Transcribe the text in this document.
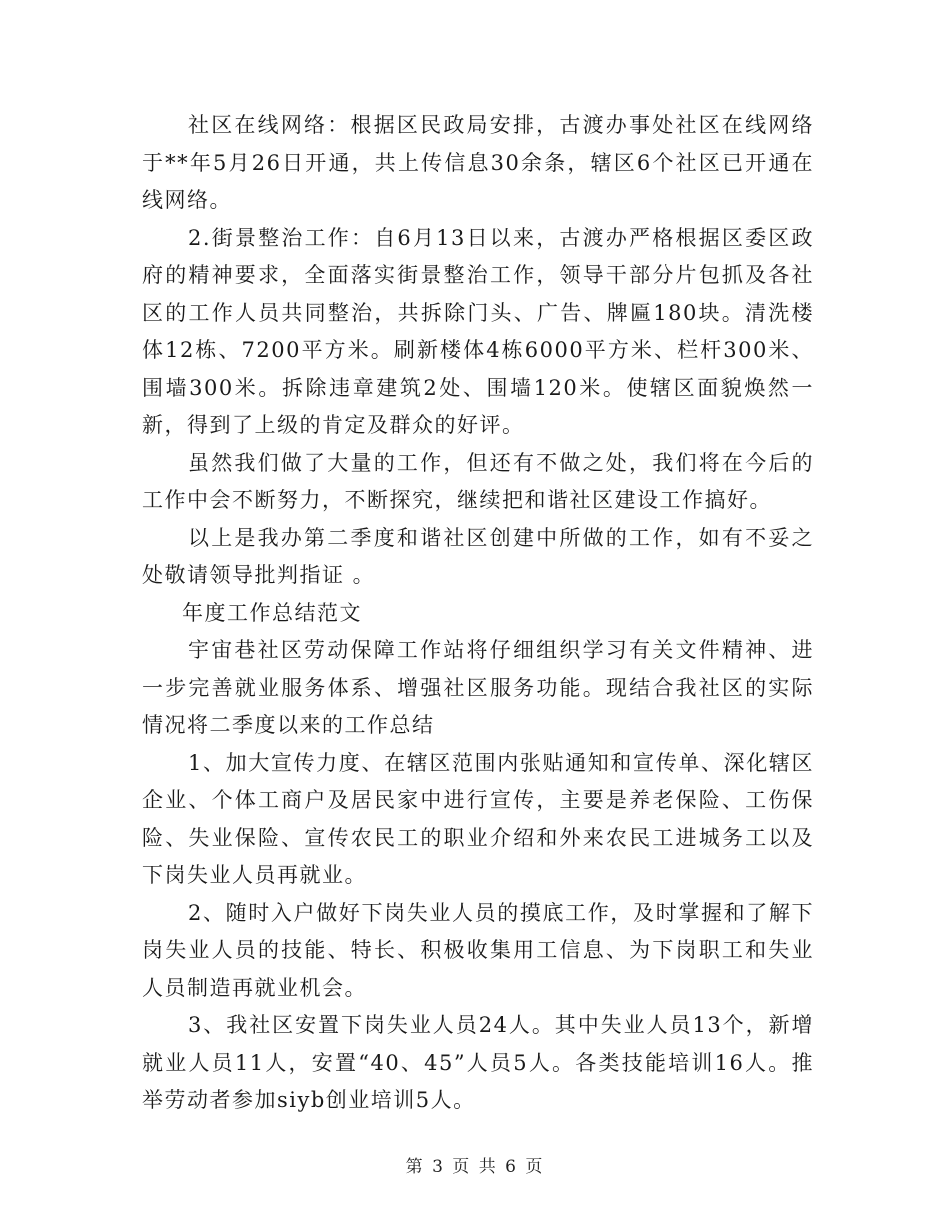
社区在线网络：根据区民政局安排，古渡办事处社区在线网络于**年5月26日开通，共上传信息30余条，辖区6个社区已开通在线网络。

2.街景整治工作：自6月13日以来，古渡办严格根据区委区政府的精神要求，全面落实街景整治工作，领导干部分片包抓及各社区的工作人员共同整治，共拆除门头、广告、牌匾180块。清洗楼体12栋、7200平方米。刷新楼体4栋6000平方米、栏杆300米、围墙300米。拆除违章建筑2处、围墙120米。使辖区面貌焕然一新，得到了上级的肯定及群众的好评。

虽然我们做了大量的工作，但还有不做之处，我们将在今后的工作中会不断努力，不断探究，继续把和谐社区建设工作搞好。

以上是我办第二季度和谐社区创建中所做的工作，如有不妥之处敬请领导批判指证 。

年度工作总结范文

宇宙巷社区劳动保障工作站将仔细组织学习有关文件精神、进一步完善就业服务体系、增强社区服务功能。现结合我社区的实际情况将二季度以来的工作总结

1、加大宣传力度、在辖区范围内张贴通知和宣传单、深化辖区企业、个体工商户及居民家中进行宣传，主要是养老保险、工伤保险、失业保险、宣传农民工的职业介绍和外来农民工进城务工以及下岗失业人员再就业。

2、随时入户做好下岗失业人员的摸底工作，及时掌握和了解下岗失业人员的技能、特长、积极收集用工信息、为下岗职工和失业人员制造再就业机会。

3、我社区安置下岗失业人员24人。其中失业人员13个，新增就业人员11人，安置“40、45”人员5人。各类技能培训16人。推举劳动者参加siyb创业培训5人。

第 3 页 共 6 页
